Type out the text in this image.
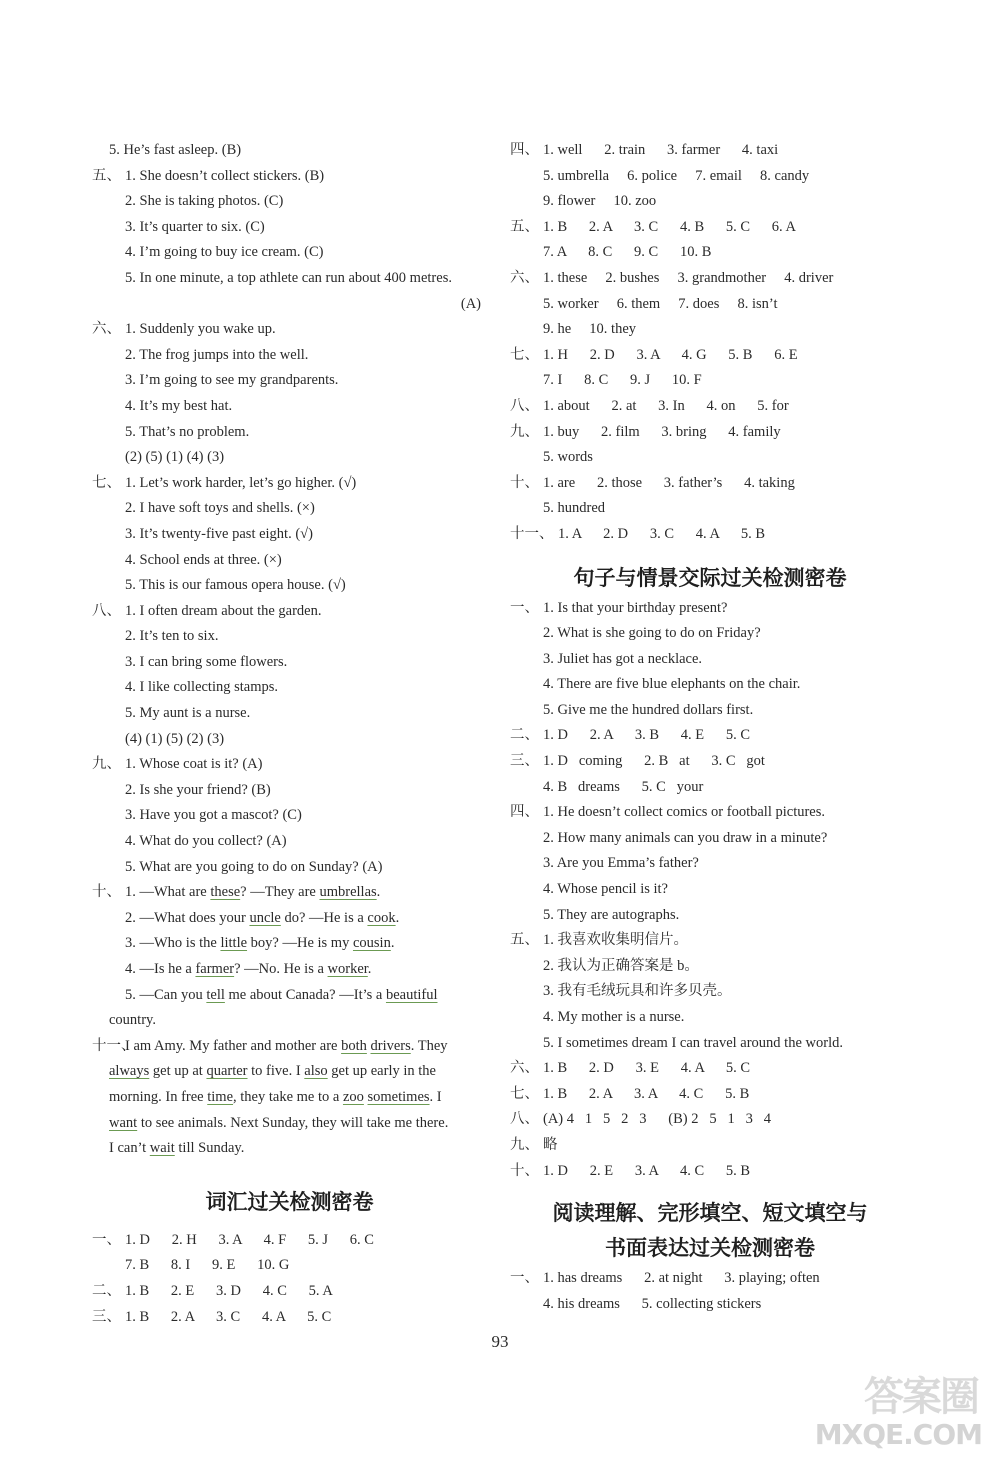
5. He’s fast asleep. (B)
五、 1. She doesn’t collect stickers. (B)
2. She is taking photos. (C)
3. It’s quarter to six. (C)
4. I’m going to buy ice cream. (C)
5. In one minute, a top athlete can run about 400 metres.
(A)
六、 1. Suddenly you wake up.
2. The frog jumps into the well.
3. I’m going to see my grandparents.
4. It’s my best hat.
5. That’s no problem.
(2) (5) (1) (4) (3)
七、 1. Let’s work harder, let’s go higher. (√)
2. I have soft toys and shells. (×)
3. It’s twenty-five past eight. (√)
4. School ends at three. (×)
5. This is our famous opera house. (√)
八、 1. I often dream about the garden.
2. It’s ten to six.
3. I can bring some flowers.
4. I like collecting stamps.
5. My aunt is a nurse.
(4) (1) (5) (2) (3)
九、 1. Whose coat is it? (A)
2. Is she your friend? (B)
3. Have you got a mascot? (C)
4. What do you collect? (A)
5. What are you going to do on Sunday? (A)
十、 1. —What are these? —They are umbrellas.
2. —What does your uncle do? —He is a cook.
3. —Who is the little boy? —He is my cousin.
4. —Is he a farmer? —No. He is a worker.
5. —Can you tell me about Canada? —It’s a beautiful
country.
十一、
I am Amy. My father and mother are both drivers. They
always get up at quarter to five. I also get up early in the
morning. In free time, they take me to a zoo sometimes. I
want to see animals. Next Sunday, they will take me there.
I can’t wait till Sunday.
词汇过关检测密卷
一、 1. D      2. H      3. A      4. F      5. J      6. C
7. B      8. I      9. E      10. G
二、 1. B      2. E      3. D      4. C      5. A
三、 1. B      2. A      3. C      4. A      5. C
四、 1. well      2. train      3. farmer      4. taxi
5. umbrella     6. police     7. email     8. candy
9. flower     10. zoo
五、 1. B      2. A      3. C      4. B      5. C      6. A
7. A      8. C      9. C      10. B
六、 1. these     2. bushes     3. grandmother     4. driver
5. worker     6. them     7. does     8. isn’t
9. he     10. they
七、 1. H      2. D      3. A      4. G      5. B      6. E
7. I      8. C      9. J      10. F
八、 1. about      2. at      3. In      4. on      5. for
九、 1. buy      2. film      3. bring      4. family
5. words
十、 1. are      2. those      3. father’s      4. taking
5. hundred
十一、 1. A      2. D      3. C      4. A      5. B
句子与情景交际过关检测密卷
一、 1. Is that your birthday present?
2. What is she going to do on Friday?
3. Juliet has got a necklace.
4. There are five blue elephants on the chair.
5. Give me the hundred dollars first.
二、 1. D      2. A      3. B      4. E      5. C
三、 1. D   coming      2. B   at      3. C   got
4. B   dreams      5. C   your
四、 1. He doesn’t collect comics or football pictures.
2. How many animals can you draw in a minute?
3. Are you Emma’s father?
4. Whose pencil is it?
5. They are autographs.
五、 1. 我喜欢收集明信片。
2. 我认为正确答案是 b。
3. 我有毛绒玩具和许多贝壳。
4. My mother is a nurse.
5. I sometimes dream I can travel around the world.
六、 1. B      2. D      3. E      4. A      5. C
七、 1. B      2. A      3. A      4. C      5. B
八、 (A) 4   1   5   2   3      (B) 2   5   1   3   4
九、 略
十、 1. D      2. E      3. A      4. C      5. B
阅读理解、完形填空、短文填空与
书面表达过关检测密卷
一、 1. has dreams      2. at night      3. playing; often
4. his dreams      5. collecting stickers
93
答案圈
MXQE.COM
